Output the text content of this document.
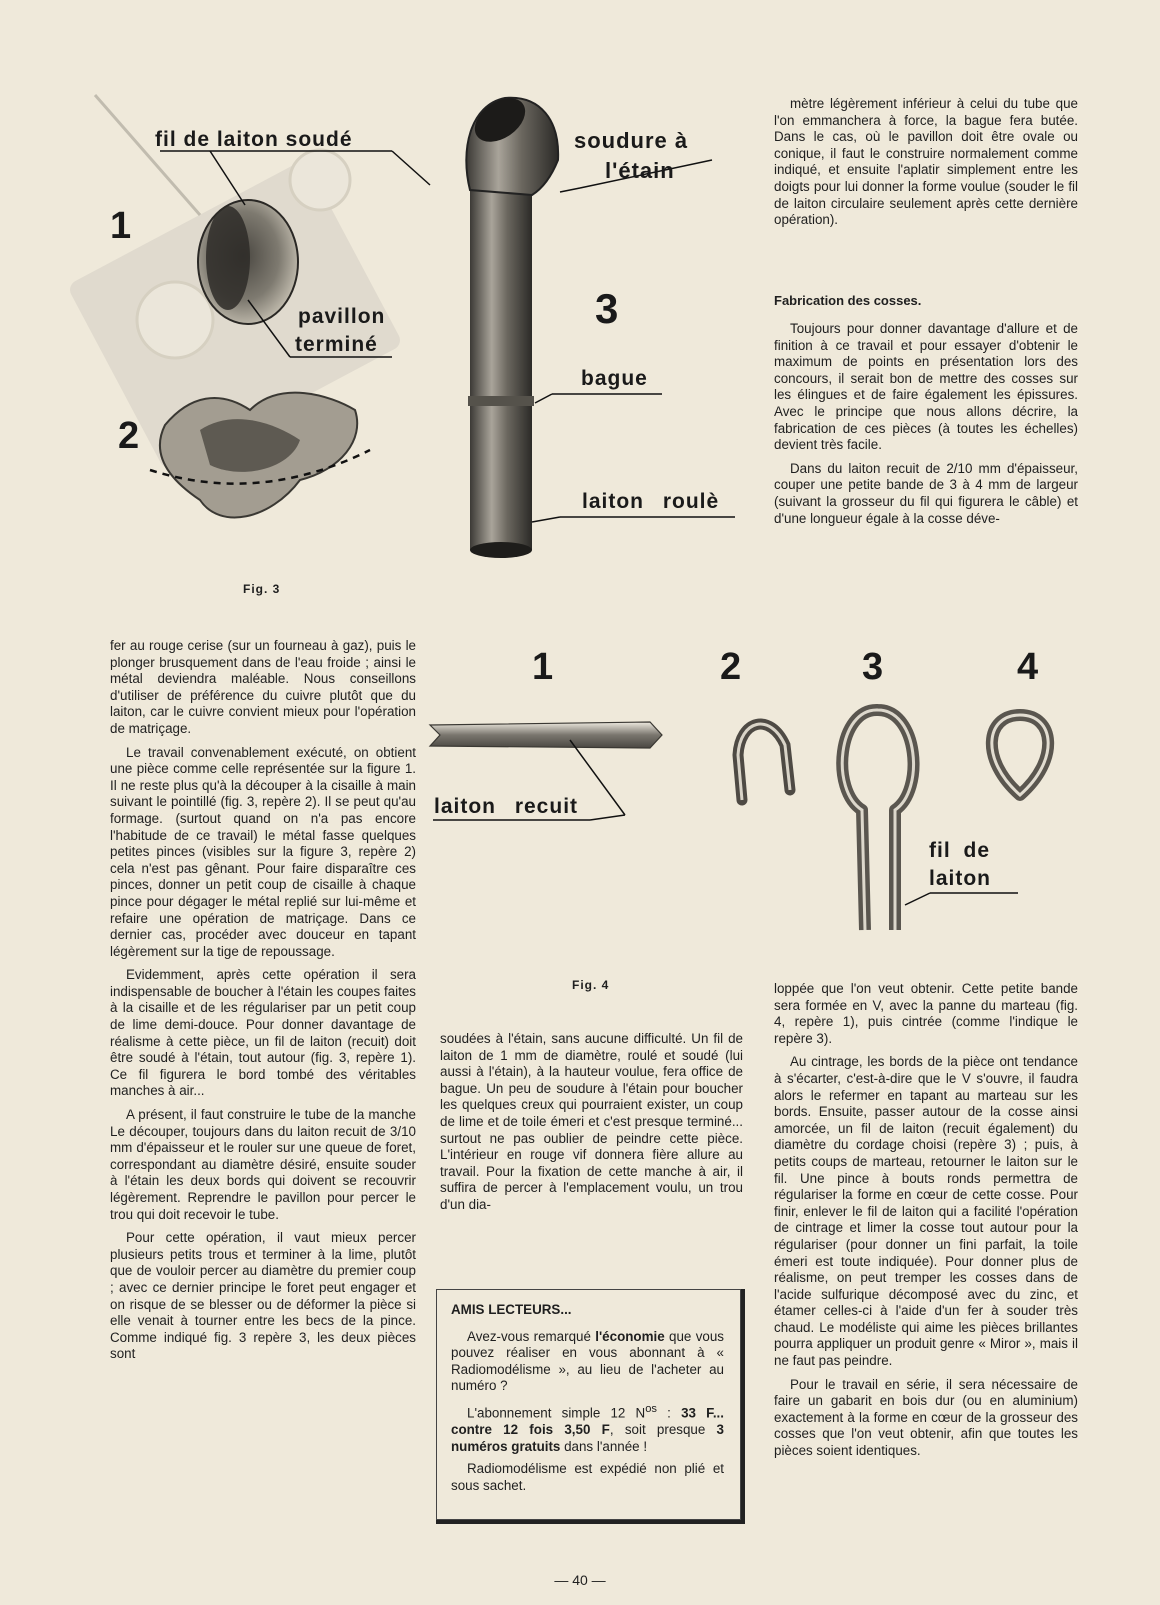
fil de laiton soudé	soudure à
l'étain
1
pavillon
terminé
3
bague
2
laiton roulè
Fig. 3

mètre légèrement inférieur à celui du tube que l'on emmanchera à force, la bague fera butée. Dans le cas, où le pavillon doit être ovale ou conique, il faut le construire normalement comme indiqué, et ensuite l'aplatir simplement entre les doigts pour lui donner la forme voulue (souder le fil de laiton circulaire seulement après cette dernière opération).

Fabrication des cosses.

Toujours pour donner davantage d'allure et de finition à ce travail et pour essayer d'obtenir le maximum de points en présentation lors des concours, il serait bon de mettre des cosses sur les élingues et de faire également les épissures. Avec le principe que nous allons décrire, la fabrication de ces pièces (à toutes les échelles) devient très facile.

Dans du laiton recuit de 2/10 mm d'épaisseur, couper une petite bande de 3 à 4 mm de largeur (suivant la grosseur du fil qui figurera le câble) et d'une longueur égale à la cosse déve-

1	2	3	4
laiton recuit
fil de
laiton
Fig. 4

fer au rouge cerise (sur un fourneau à gaz), puis le plonger brusquement dans de l'eau froide ; ainsi le métal deviendra maléable. Nous conseillons d'utiliser de préférence du cuivre plutôt que du laiton, car le cuivre convient mieux pour l'opération de matriçage.

Le travail convenablement exécuté, on obtient une pièce comme celle représentée sur la figure 1. Il ne reste plus qu'à la découper à la cisaille à main suivant le pointillé (fig. 3, repère 2). Il se peut qu'au formage. (surtout quand on n'a pas encore l'habitude de ce travail) le métal fasse quelques petites pinces (visibles sur la figure 3, repère 2) cela n'est pas gênant. Pour faire disparaître ces pinces, donner un petit coup de cisaille à chaque pince pour dégager le métal replié sur lui-même et refaire une opération de matriçage. Dans ce dernier cas, procéder avec douceur en tapant légèrement sur la tige de repoussage.

Evidemment, après cette opération il sera indispensable de boucher à l'étain les coupes faites à la cisaille et de les régulariser par un petit coup de lime demi-douce. Pour donner davantage de réalisme à cette pièce, un fil de laiton (recuit) doit être soudé à l'étain, tout autour (fig. 3, repère 1). Ce fil figurera le bord tombé des véritables manches à air...

A présent, il faut construire le tube de la manche Le découper, toujours dans du laiton recuit de 3/10 mm d'épaisseur et le rouler sur une queue de foret, correspondant au diamètre désiré, ensuite souder à l'étain les deux bords qui doivent se recouvrir légèrement. Reprendre le pavillon pour percer le trou qui doit recevoir le tube.

Pour cette opération, il vaut mieux percer plusieurs petits trous et terminer à la lime, plutôt que de vouloir percer au diamètre du premier coup ; avec ce dernier principe le foret peut engager et on risque de se blesser ou de déformer la pièce si elle venait à tourner entre les becs de la pince. Comme indiqué fig. 3 repère 3, les deux pièces sont

soudées à l'étain, sans aucune difficulté. Un fil de laiton de 1 mm de diamètre, roulé et soudé (lui aussi à l'étain), à la hauteur voulue, fera office de bague. Un peu de soudure à l'étain pour boucher les quelques creux qui pourraient exister, un coup de lime et de toile émeri et c'est presque terminé... surtout ne pas oublier de peindre cette pièce. L'intérieur en rouge vif donnera fière allure au travail. Pour la fixation de cette manche à air, il suffira de percer à l'emplacement voulu, un trou d'un dia-

AMIS LECTEURS...

Avez-vous remarqué l'économie que vous pouvez réaliser en vous abonnant à « Radiomodélisme », au lieu de l'acheter au numéro ?

L'abonnement simple 12 $N^{os}$ : 33 F... contre 12 fois 3,50 F, soit presque 3 numéros gratuits dans l'année !

Radiomodélisme est expédié non plié et sous sachet.

loppée que l'on veut obtenir. Cette petite bande sera formée en V, avec la panne du marteau (fig. 4, repère 1), puis cintrée (comme l'indique le repère 3).

Au cintrage, les bords de la pièce ont tendance à s'écarter, c'est-à-dire que le V s'ouvre, il faudra alors le refermer en tapant au marteau sur les bords. Ensuite, passer autour de la cosse ainsi amorcée, un fil de laiton (recuit également) du diamètre du cordage choisi (repère 3) ; puis, à petits coups de marteau, retourner le laiton sur le fil. Une pince à bouts ronds permettra de régulariser la forme en cœur de cette cosse. Pour finir, enlever le fil de laiton qui a facilité l'opération de cintrage et limer la cosse tout autour pour la régulariser (pour donner un fini parfait, la toile émeri est toute indiquée). Pour donner plus de réalisme, on peut tremper les cosses dans de l'acide sulfurique décomposé avec du zinc, et étamer celles-ci à l'aide d'un fer à souder très chaud. Le modéliste qui aime les pièces brillantes pourra appliquer un produit genre « Miror », mais il ne faut pas peindre.

Pour le travail en série, il sera nécessaire de faire un gabarit en bois dur (ou en aluminium) exactement à la forme en cœur de la grosseur des cosses que l'on veut obtenir, afin que toutes les pièces soient identiques.

— 40 —
